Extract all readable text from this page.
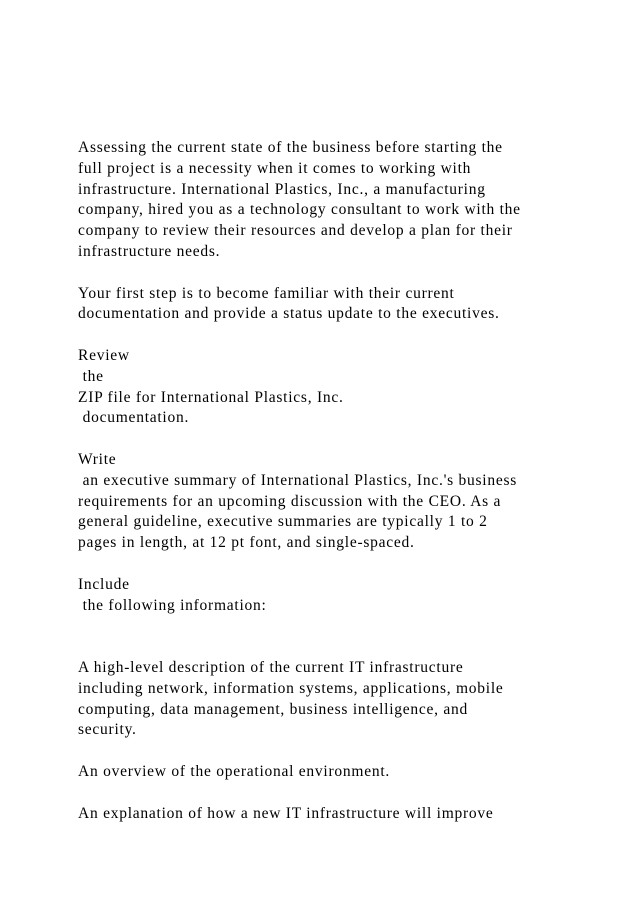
Assessing the current state of the business before starting the
full project is a necessity when it comes to working with
infrastructure. International Plastics, Inc., a manufacturing
company, hired you as a technology consultant to work with the
company to review their resources and develop a plan for their
infrastructure needs.
Your first step is to become familiar with their current
documentation and provide a status update to the executives.
Review
the
ZIP file for International Plastics, Inc.
documentation.
Write
an executive summary of International Plastics, Inc.'s business
requirements for an upcoming discussion with the CEO. As a
general guideline, executive summaries are typically 1 to 2
pages in length, at 12 pt font, and single-spaced.
Include
the following information:
A high-level description of the current IT infrastructure
including network, information systems, applications, mobile
computing, data management, business intelligence, and
security.
An overview of the operational environment.
An explanation of how a new IT infrastructure will improve
